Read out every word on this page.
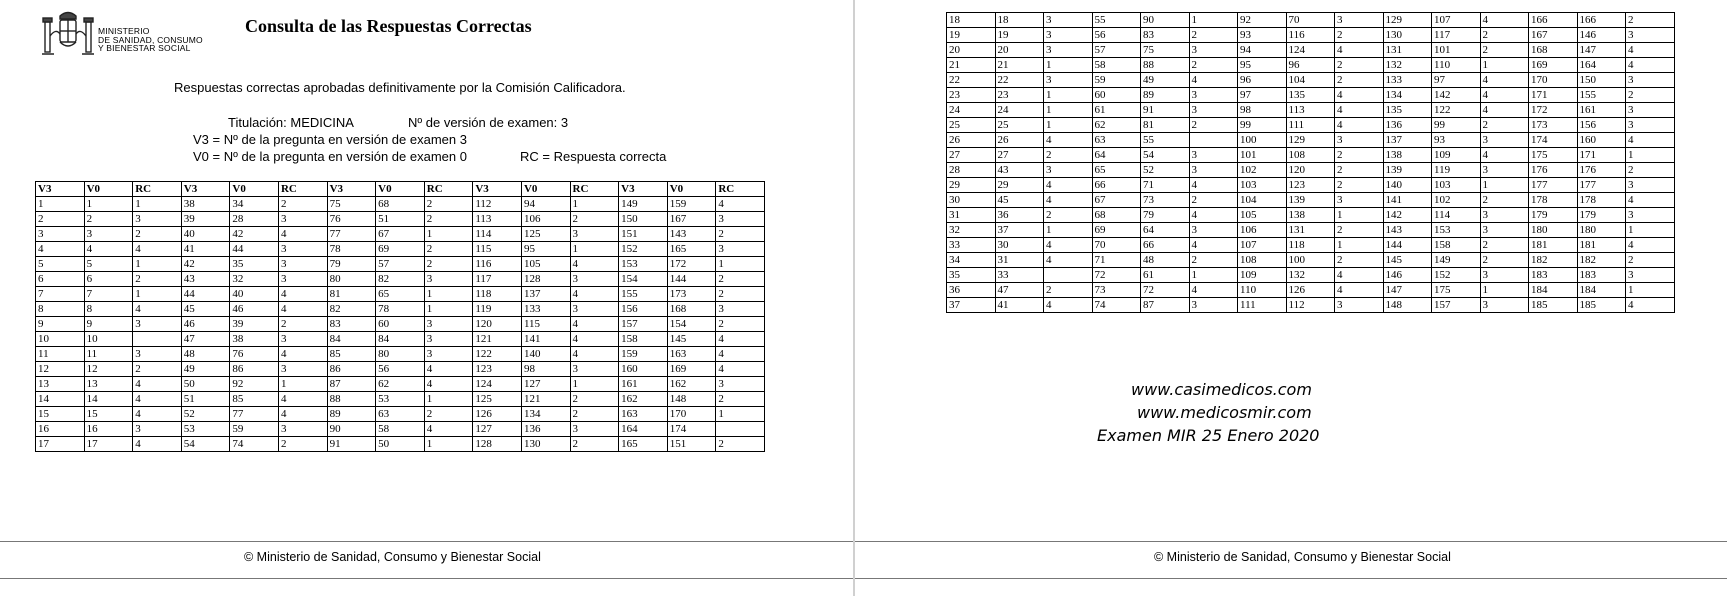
MINISTERIO
DE SANIDAD, CONSUMO
Y BIENESTAR SOCIAL
Consulta de las Respuestas Correctas
Respuestas correctas aprobadas definitivamente por la Comisión Calificadora.
Titulación: MEDICINA	Nº de versión de examen: 3
V3 = Nº de la pregunta en versión de examen 3
V0 = Nº de la pregunta en versión de examen 0	RC = Respuesta correcta
© Ministerio de Sanidad, Consumo y Bienestar Social
V3	V0	RC	V3	V0	RC	V3	V0	RC	V3	V0	RC	V3	V0	RC
1	1	1	38	34	2	75	68	2	112	94	1	149	159	4
2	2	3	39	28	3	76	51	2	113	106	2	150	167	3
3	3	2	40	42	4	77	67	1	114	125	3	151	143	2
4	4	4	41	44	3	78	69	2	115	95	1	152	165	3
5	5	1	42	35	3	79	57	2	116	105	4	153	172	1
6	6	2	43	32	3	80	82	3	117	128	3	154	144	2
7	7	1	44	40	4	81	65	1	118	137	4	155	173	2
8	8	4	45	46	4	82	78	1	119	133	3	156	168	3
9	9	3	46	39	2	83	60	3	120	115	4	157	154	2
10	10		47	38	3	84	84	3	121	141	4	158	145	4
11	11	3	48	76	4	85	80	3	122	140	4	159	163	4
12	12	2	49	86	3	86	56	4	123	98	3	160	169	4
13	13	4	50	92	1	87	62	4	124	127	1	161	162	3
14	14	4	51	85	4	88	53	1	125	121	2	162	148	2
15	15	4	52	77	4	89	63	2	126	134	2	163	170	1
16	16	3	53	59	3	90	58	4	127	136	3	164	174	
17	17	4	54	74	2	91	50	1	128	130	2	165	151	2
www.casimedicos.com
www.medicosmir.com
Examen MIR 25 Enero 2020
© Ministerio de Sanidad, Consumo y Bienestar Social
18	18	3	55	90	1	92	70	3	129	107	4	166	166	2
19	19	3	56	83	2	93	116	2	130	117	2	167	146	3
20	20	3	57	75	3	94	124	4	131	101	2	168	147	4
21	21	1	58	88	2	95	96	2	132	110	1	169	164	4
22	22	3	59	49	4	96	104	2	133	97	4	170	150	3
23	23	1	60	89	3	97	135	4	134	142	4	171	155	2
24	24	1	61	91	3	98	113	4	135	122	4	172	161	3
25	25	1	62	81	2	99	111	4	136	99	2	173	156	3
26	26	4	63	55		100	129	3	137	93	3	174	160	4
27	27	2	64	54	3	101	108	2	138	109	4	175	171	1
28	43	3	65	52	3	102	120	2	139	119	3	176	176	2
29	29	4	66	71	4	103	123	2	140	103	1	177	177	3
30	45	4	67	73	2	104	139	3	141	102	2	178	178	4
31	36	2	68	79	4	105	138	1	142	114	3	179	179	3
32	37	1	69	64	3	106	131	2	143	153	3	180	180	1
33	30	4	70	66	4	107	118	1	144	158	2	181	181	4
34	31	4	71	48	2	108	100	2	145	149	2	182	182	2
35	33		72	61	1	109	132	4	146	152	3	183	183	3
36	47	2	73	72	4	110	126	4	147	175	1	184	184	1
37	41	4	74	87	3	111	112	3	148	157	3	185	185	4
